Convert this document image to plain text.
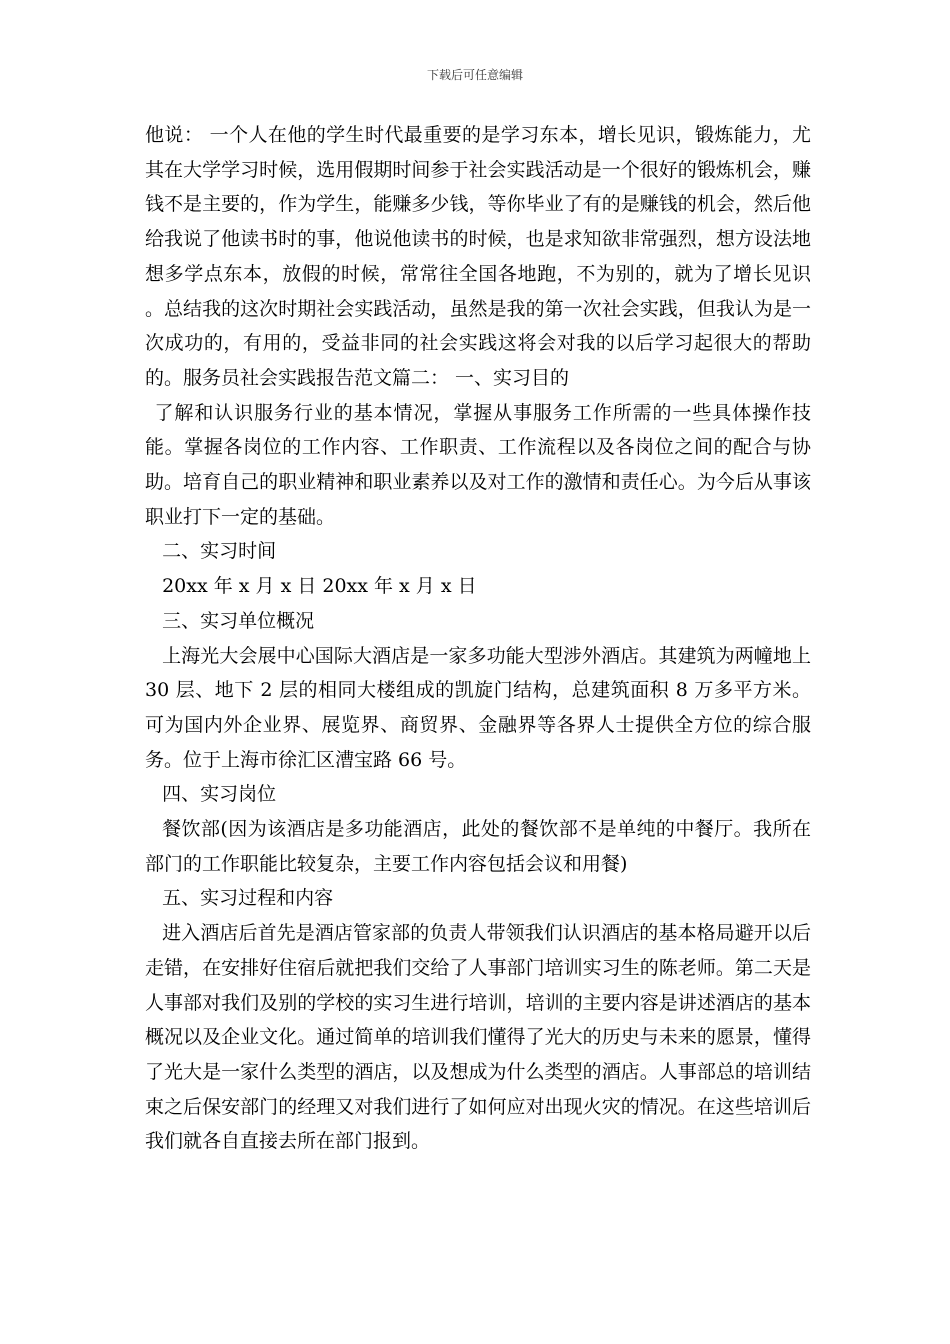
下载后可任意编辑

他说： 一个人在他的学生时代最重要的是学习东本，增长见识，锻炼能力，尤其在大学学习时候，选用假期时间参于社会实践活动是一个很好的锻炼机会，赚钱不是主要的，作为学生，能赚多少钱，等你毕业了有的是赚钱的机会，然后他给我说了他读书时的事，他说他读书的时候，也是求知欲非常强烈，想方设法地想多学点东本，放假的时候，常常往全国各地跑，不为别的，就为了增长见识 。总结我的这次时期社会实践活动，虽然是我的第一次社会实践，但我认为是一次成功的，有用的，受益非同的社会实践这将会对我的以后学习起很大的帮助的。服务员社会实践报告范文篇二： 一、实习目的

了解和认识服务行业的基本情况，掌握从事服务工作所需的一些具体操作技能。掌握各岗位的工作内容、工作职责、工作流程以及各岗位之间的配合与协助。培育自己的职业精神和职业素养以及对工作的激情和责任心。为今后从事该职业打下一定的基础。

二、实习时间

20xx 年 x 月 x 日 20xx 年 x 月 x 日

三、实习单位概况

上海光大会展中心国际大酒店是一家多功能大型涉外酒店。其建筑为两幢地上 30 层、地下 2 层的相同大楼组成的凯旋门结构，总建筑面积 8 万多平方米。可为国内外企业界、展览界、商贸界、金融界等各界人士提供全方位的综合服务。位于上海市徐汇区漕宝路 66 号。

四、实习岗位

餐饮部(因为该酒店是多功能酒店，此处的餐饮部不是单纯的中餐厅。我所在部门的工作职能比较复杂，主要工作内容包括会议和用餐)

五、实习过程和内容

进入酒店后首先是酒店管家部的负责人带领我们认识酒店的基本格局避开以后走错，在安排好住宿后就把我们交给了人事部门培训实习生的陈老师。第二天是人事部对我们及别的学校的实习生进行培训，培训的主要内容是讲述酒店的基本概况以及企业文化。通过简单的培训我们懂得了光大的历史与未来的愿景，懂得了光大是一家什么类型的酒店，以及想成为什么类型的酒店。人事部总的培训结束之后保安部门的经理又对我们进行了如何应对出现火灾的情况。在这些培训后我们就各自直接去所在部门报到。
